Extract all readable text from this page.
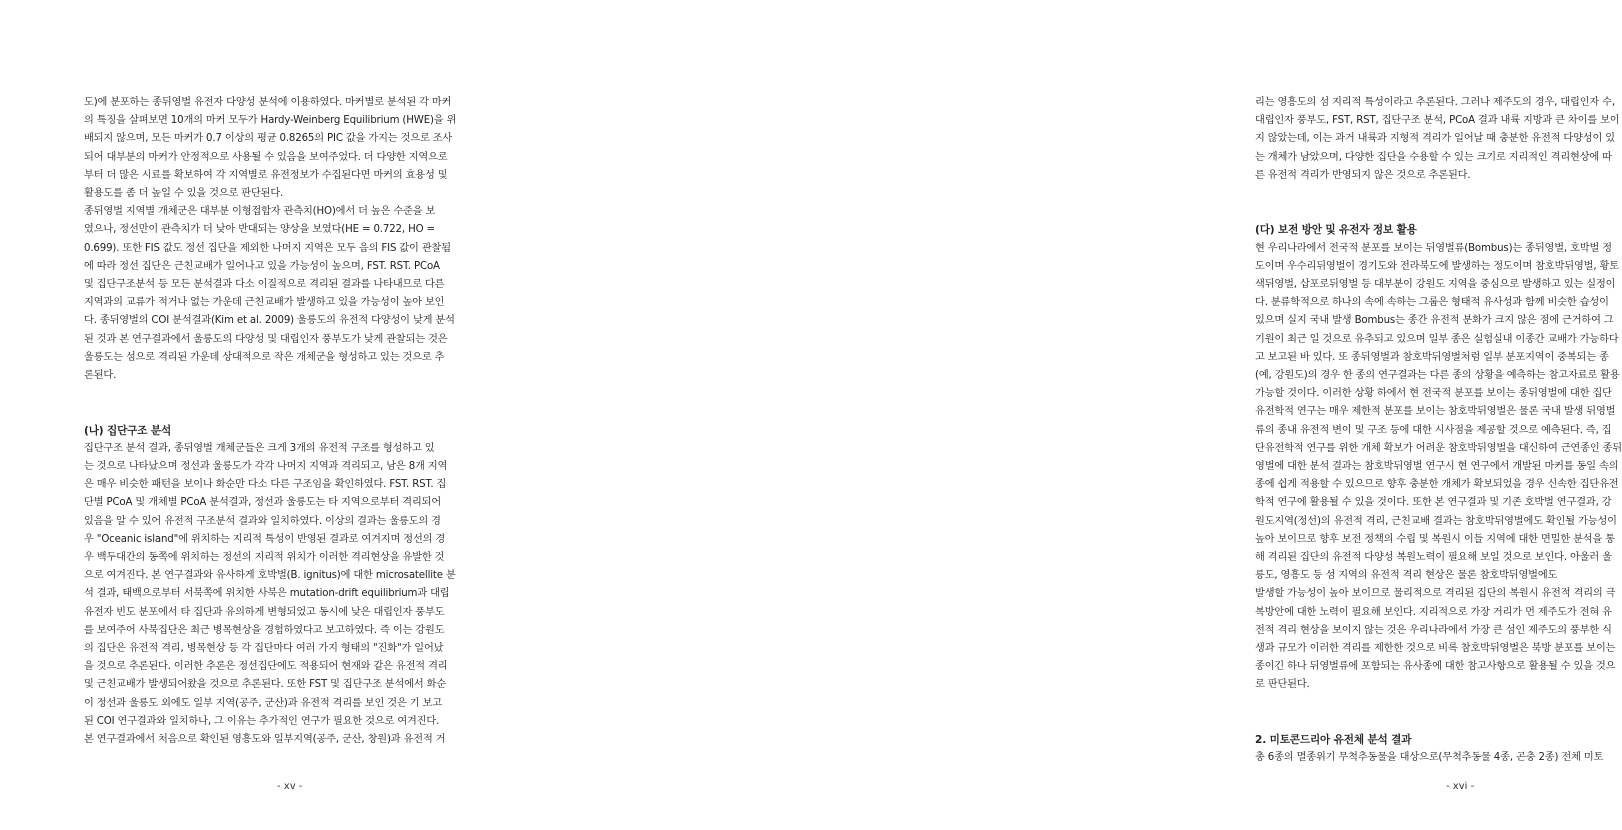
도)에 분포하는 종뒤영벌 유전자 다양성 분석에 이용하였다. 마커별로 분석된 각 마커
의 특징을 살펴보면 10개의 마커 모두가 Hardy-Weinberg Equilibrium (HWE)을 위
배되지 않으며, 모든 마커가 0.7 이상의 평균 0.8265의 PIC 값을 가지는 것으로 조사
되어 대부분의 마커가 안정적으로 사용될 수 있음을 보여주었다. 더 다양한 지역으로
부터 더 많은 시료를 확보하여 각 지역별로 유전정보가 수집된다면 마커의 효용성 및
활용도를 좀 더 높일 수 있을 것으로 판단된다.
종뒤영벌 지역별 개체군은 대부분 이형접합자 관측치(HO)에서 더 높은 수준을 보
였으나, 정선만이 관측치가 더 낮아 반대되는 양상을 보였다(HE = 0.722, HO =
0.699). 또한 FIS 값도 정선 집단을 제외한 나머지 지역은 모두 음의 FIS 값이 관찰됨
에 따라 정선 집단은 근친교배가 일어나고 있을 가능성이 높으며, FST. RST. PCoA
및 집단구조분석 등 모든 분석결과 다소 이질적으로 격리된 결과를 나타내므로 다른
지역과의 교류가 적거나 없는 가운데 근친교배가 발생하고 있을 가능성이 높아 보인
다. 종뒤영벌의 COI 분석결과(Kim et al. 2009) 울릉도의 유전적 다양성이 낮게 분석
된 것과 본 연구결과에서 울릉도의 다양성 및 대립인자 풍부도가 낮게 관찰되는 것은
울릉도는 섬으로 격리된 가운데 상대적으로 작은 개체군을 형성하고 있는 것으로 추
론된다.
(나) 집단구조 분석
집단구조 분석 결과, 종뒤영벌 개체군들은 크게 3개의 유전적 구조를 형성하고 있
는 것으로 나타났으며 정선과 울릉도가 각각 나머지 지역과 격리되고, 남은 8개 지역
은 매우 비슷한 패턴을 보이나 화순만 다소 다른 구조임을 확인하였다. FST. RST. 집
단별 PCoA 및 개체별 PCoA 분석결과, 정선과 울릉도는 타 지역으로부터 격리되어
있음을 알 수 있어 유전적 구조분석 결과와 일치하였다. 이상의 결과는 울릉도의 경
우 "Oceanic island"에 위치하는 지리적 특성이 반영된 결과로 여겨지며 정선의 경
우 백두대간의 동쪽에 위치하는 정선의 지리적 위치가 이러한 격리현상을 유발한 것
으로 여겨진다. 본 연구결과와 유사하게 호박벌(B. ignitus)에 대한 microsatellite 분
석 결과, 태백으로부터 서북쪽에 위치한 사북은 mutation-drift equilibrium과 대립
유전자 빈도 분포에서 타 집단과 유의하게 변형되었고 동시에 낮은 대립인자 풍부도
를 보여주어 사북집단은 최근 병목현상을 경험하였다고 보고하였다. 즉 이는 강원도
의 집단은 유전적 격리, 병목현상 등 각 집단마다 여러 가지 형태의 "진화"가 일어났
을 것으로 추론된다. 이러한 추론은 정선집단에도 적용되어 현재와 같은 유전적 격리
및 근친교배가 발생되어왔을 것으로 추론된다. 또한 FST 및 집단구조 분석에서 화순
이 정선과 울릉도 외에도 일부 지역(공주, 군산)과 유전적 격리를 보인 것은 기 보고
된 COI 연구결과와 일치하나, 그 이유는 추가적인 연구가 필요한 것으로 여겨진다.
본 연구결과에서 처음으로 확인된 영흥도와 일부지역(공주, 군산, 창원)과 유전적 거
- xv -
리는 영흥도의 섬 지리적 특성이라고 추론된다. 그러나 제주도의 경우, 대립인자 수,
대립인자 풍부도, FST, RST, 집단구조 분석, PCoA 결과 내륙 지방과 큰 차이를 보이
지 않았는데, 이는 과거 내륙과 지형적 격리가 일어날 때 충분한 유전적 다양성이 있
는 개체가 남았으며, 다양한 집단을 수용할 수 있는 크기로 지리적인 격리현상에 따
른 유전적 격리가 반영되지 않은 것으로 추론된다.
(다) 보전 방안 및 유전자 정보 활용
현 우리나라에서 전국적 분포를 보이는 뒤영벌류(Bombus)는 종뒤영벌, 호박벌 정
도이며 우수리뒤영벌이 경기도와 전라북도에 발생하는 정도이며 참호박뒤영벌, 황토
색뒤영벌, 삽포로뒤영벌 등 대부분이 강원도 지역을 중심으로 발생하고 있는 실정이
다. 분류학적으로 하나의 속에 속하는 그룹은 형태적 유사성과 함께 비슷한 습성이
있으며 실지 국내 발생 Bombus는 종간 유전적 분화가 크지 않은 점에 근거하여 그
기원이 최근 일 것으로 유추되고 있으며 일부 종은 실험실내 이종간 교배가 가능하다
고 보고된 바 있다. 또 종뒤영벌과 참호박뒤영벌처럼 일부 분포지역이 중복되는 종
(예, 강원도)의 경우 한 종의 연구결과는 다른 종의 상황을 예측하는 참고자료로 활용
가능할 것이다. 이러한 상황 하에서 현 전국적 분포를 보이는 종뒤영벌에 대한 집단
유전학적 연구는 매우 제한적 분포를 보이는 참호박뒤영벌은 물론 국내 발생 뒤영벌
류의 종내 유전적 변이 및 구조 등에 대한 시사점을 제공할 것으로 예측된다. 즉, 집
단유전학적 연구를 위한 개체 확보가 어려운 참호박뒤영벌을 대신하여 근연종인 종뒤
영벌에 대한 분석 결과는 참호박뒤영벌 연구시 현 연구에서 개발된 마커를 동일 속의
종에 쉽게 적용할 수 있으므로 향후 충분한 개체가 확보되었을 경우 신속한 집단유전
학적 연구에 활용될 수 있을 것이다. 또한 본 연구결과 및 기존 호박벌 연구결과, 강
원도지역(정선)의 유전적 격리, 근친교배 결과는 참호박뒤영벌에도 확인될 가능성이
높아 보이므로 향후 보전 정책의 수립 및 복원시 이들 지역에 대한 면밀한 분석을 통
해 격리된 집단의 유전적 다양성 복원노력이 필요해 보일 것으로 보인다. 아울러 울
릉도, 영흥도 등 섬 지역의 유전적 격리 현상은 물론 참호박뒤영벌에도
발생할 가능성이 높아 보이므로 물리적으로 격리된 집단의 복원시 유전적 격리의 극
복방안에 대한 노력이 필요해 보인다. 지리적으로 가장 거리가 먼 제주도가 전혀 유
전적 격리 현상을 보이지 않는 것은 우리나라에서 가장 큰 섬인 제주도의 풍부한 식
생과 규모가 이러한 격리를 제한한 것으로 비록 참호박뒤영벌은 북방 분포를 보이는
종이긴 하나 뒤영벌류에 포함되는 유사종에 대한 참고사항으로 활용될 수 있을 것으
로 판단된다.
2. 미토콘드리아 유전체 분석 결과
총 6종의 멸종위기 무척추동물을 대상으로(무척추동물 4종, 곤충 2종) 전체 미토
- xvi -
